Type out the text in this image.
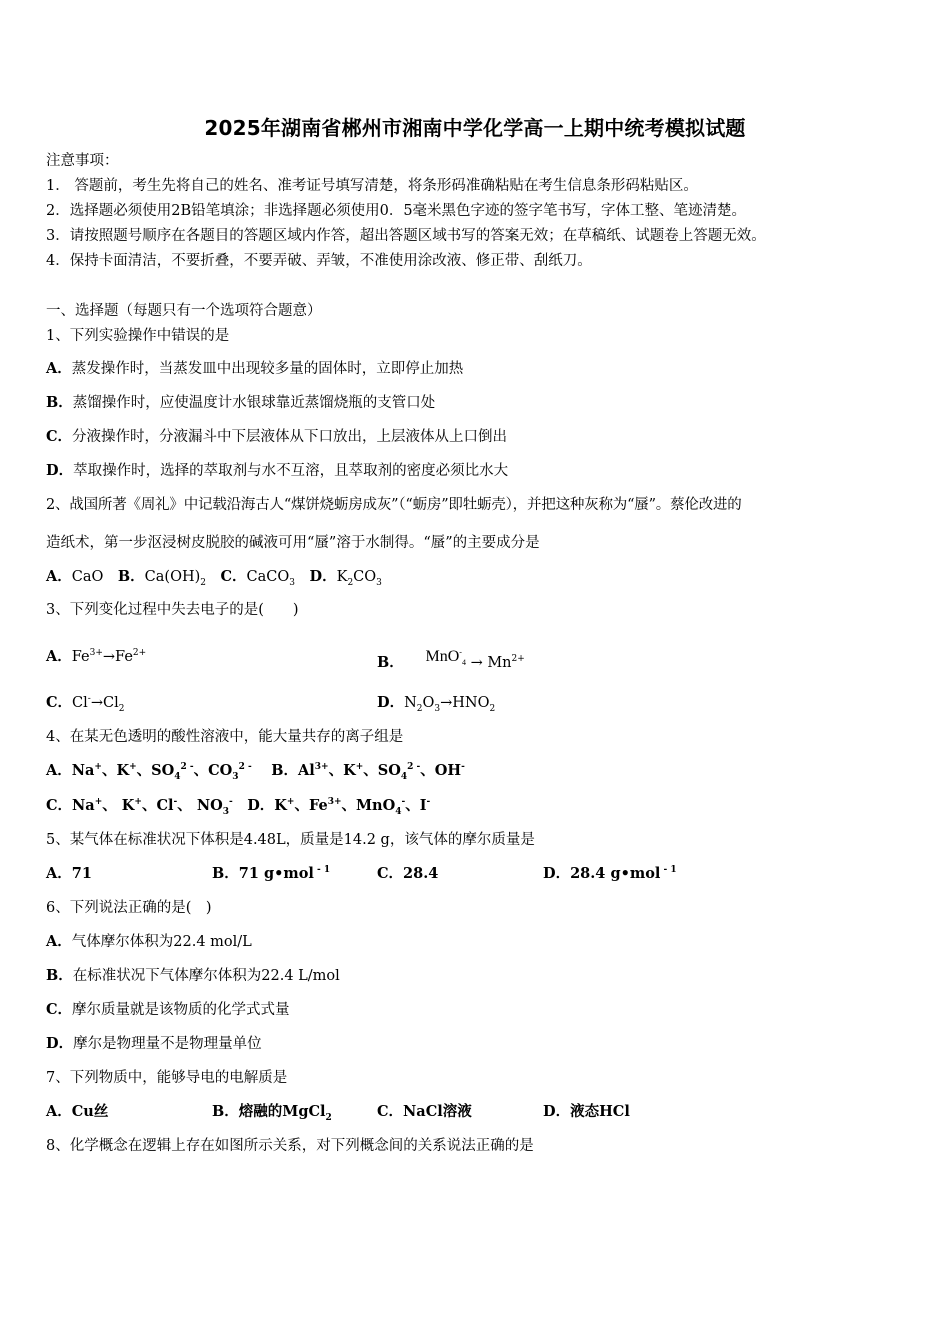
2025年湖南省郴州市湘南中学化学高一上期中统考模拟试题
注意事项：
1． 答题前，考生先将自己的姓名、准考证号填写清楚，将条形码准确粘贴在考生信息条形码粘贴区。
2．选择题必须使用2B铅笔填涂；非选择题必须使用0．5毫米黑色字迹的签字笔书写，字体工整、笔迹清楚。
3．请按照题号顺序在各题目的答题区域内作答，超出答题区域书写的答案无效；在草稿纸、试题卷上答题无效。
4．保持卡面清洁，不要折叠，不要弄破、弄皱，不准使用涂改液、修正带、刮纸刀。
一、选择题（每题只有一个选项符合题意）
1、下列实验操作中错误的是
A．蒸发操作时，当蒸发皿中出现较多量的固体时，立即停止加热
B．蒸馏操作时，应使温度计水银球靠近蒸馏烧瓶的支管口处
C．分液操作时，分液漏斗中下层液体从下口放出，上层液体从上口倒出
D．萃取操作时，选择的萃取剂与水不互溶，且萃取剂的密度必须比水大
2、战国所著《周礼》中记载沿海古人“煤饼烧蛎房成灰”（“蛎房”即牡蛎壳），并把这种灰称为“蜃”。蔡伦改进的
造纸术，第一步沤浸树皮脱胶的碱液可用“蜃”溶于水制得。“蜃”的主要成分是
A．CaO　B．$Ca(OH)_2$　 C．CaCO$_3$　 D．$K_2CO_3$
3、下列变化过程中失去电子的是(　　)
A．$Fe^{3+}\to Fe^{2+}$
B．　　 $MnO^-_4 \to Mn^{2+}$
C．$Cl^-\to Cl_2$	D．$N_2O_3\to HNO_2$
4、在某无色透明的酸性溶液中，能大量共存的离子组是
A．Na+、K+、$SO_4^{2 -}$、$CO_3^{2 -}$　 B．$Al^{3+}$、K+、$SO_4^{2 -}$、OH-
C．Na+、 K+、Cl-、 $NO_3^-$　D．K+、$Fe^{3+}$、MnO$_4$-、I-
5、某气体在标准状况下体积是4.48L，质量是14.2 g，该气体的摩尔质量是
A．71	B．71 g•mol $^{- 1}$	C．28.4	D．28.4 g•mol $^{- 1}$
6、下列说法正确的是(　)
A．气体摩尔体积为22.4 mol/L
B．在标准状况下气体摩尔体积为22.4 L/mol
C．摩尔质量就是该物质的化学式式量
D．摩尔是物理量不是物理量单位
7、下列物质中，能够导电的电解质是
A．Cu丝	B．熔融的MgCl$_2$	C．NaCl溶液	D．液态HCl
8、化学概念在逻辑上存在如图所示关系，对下列概念间的关系说法正确的是
